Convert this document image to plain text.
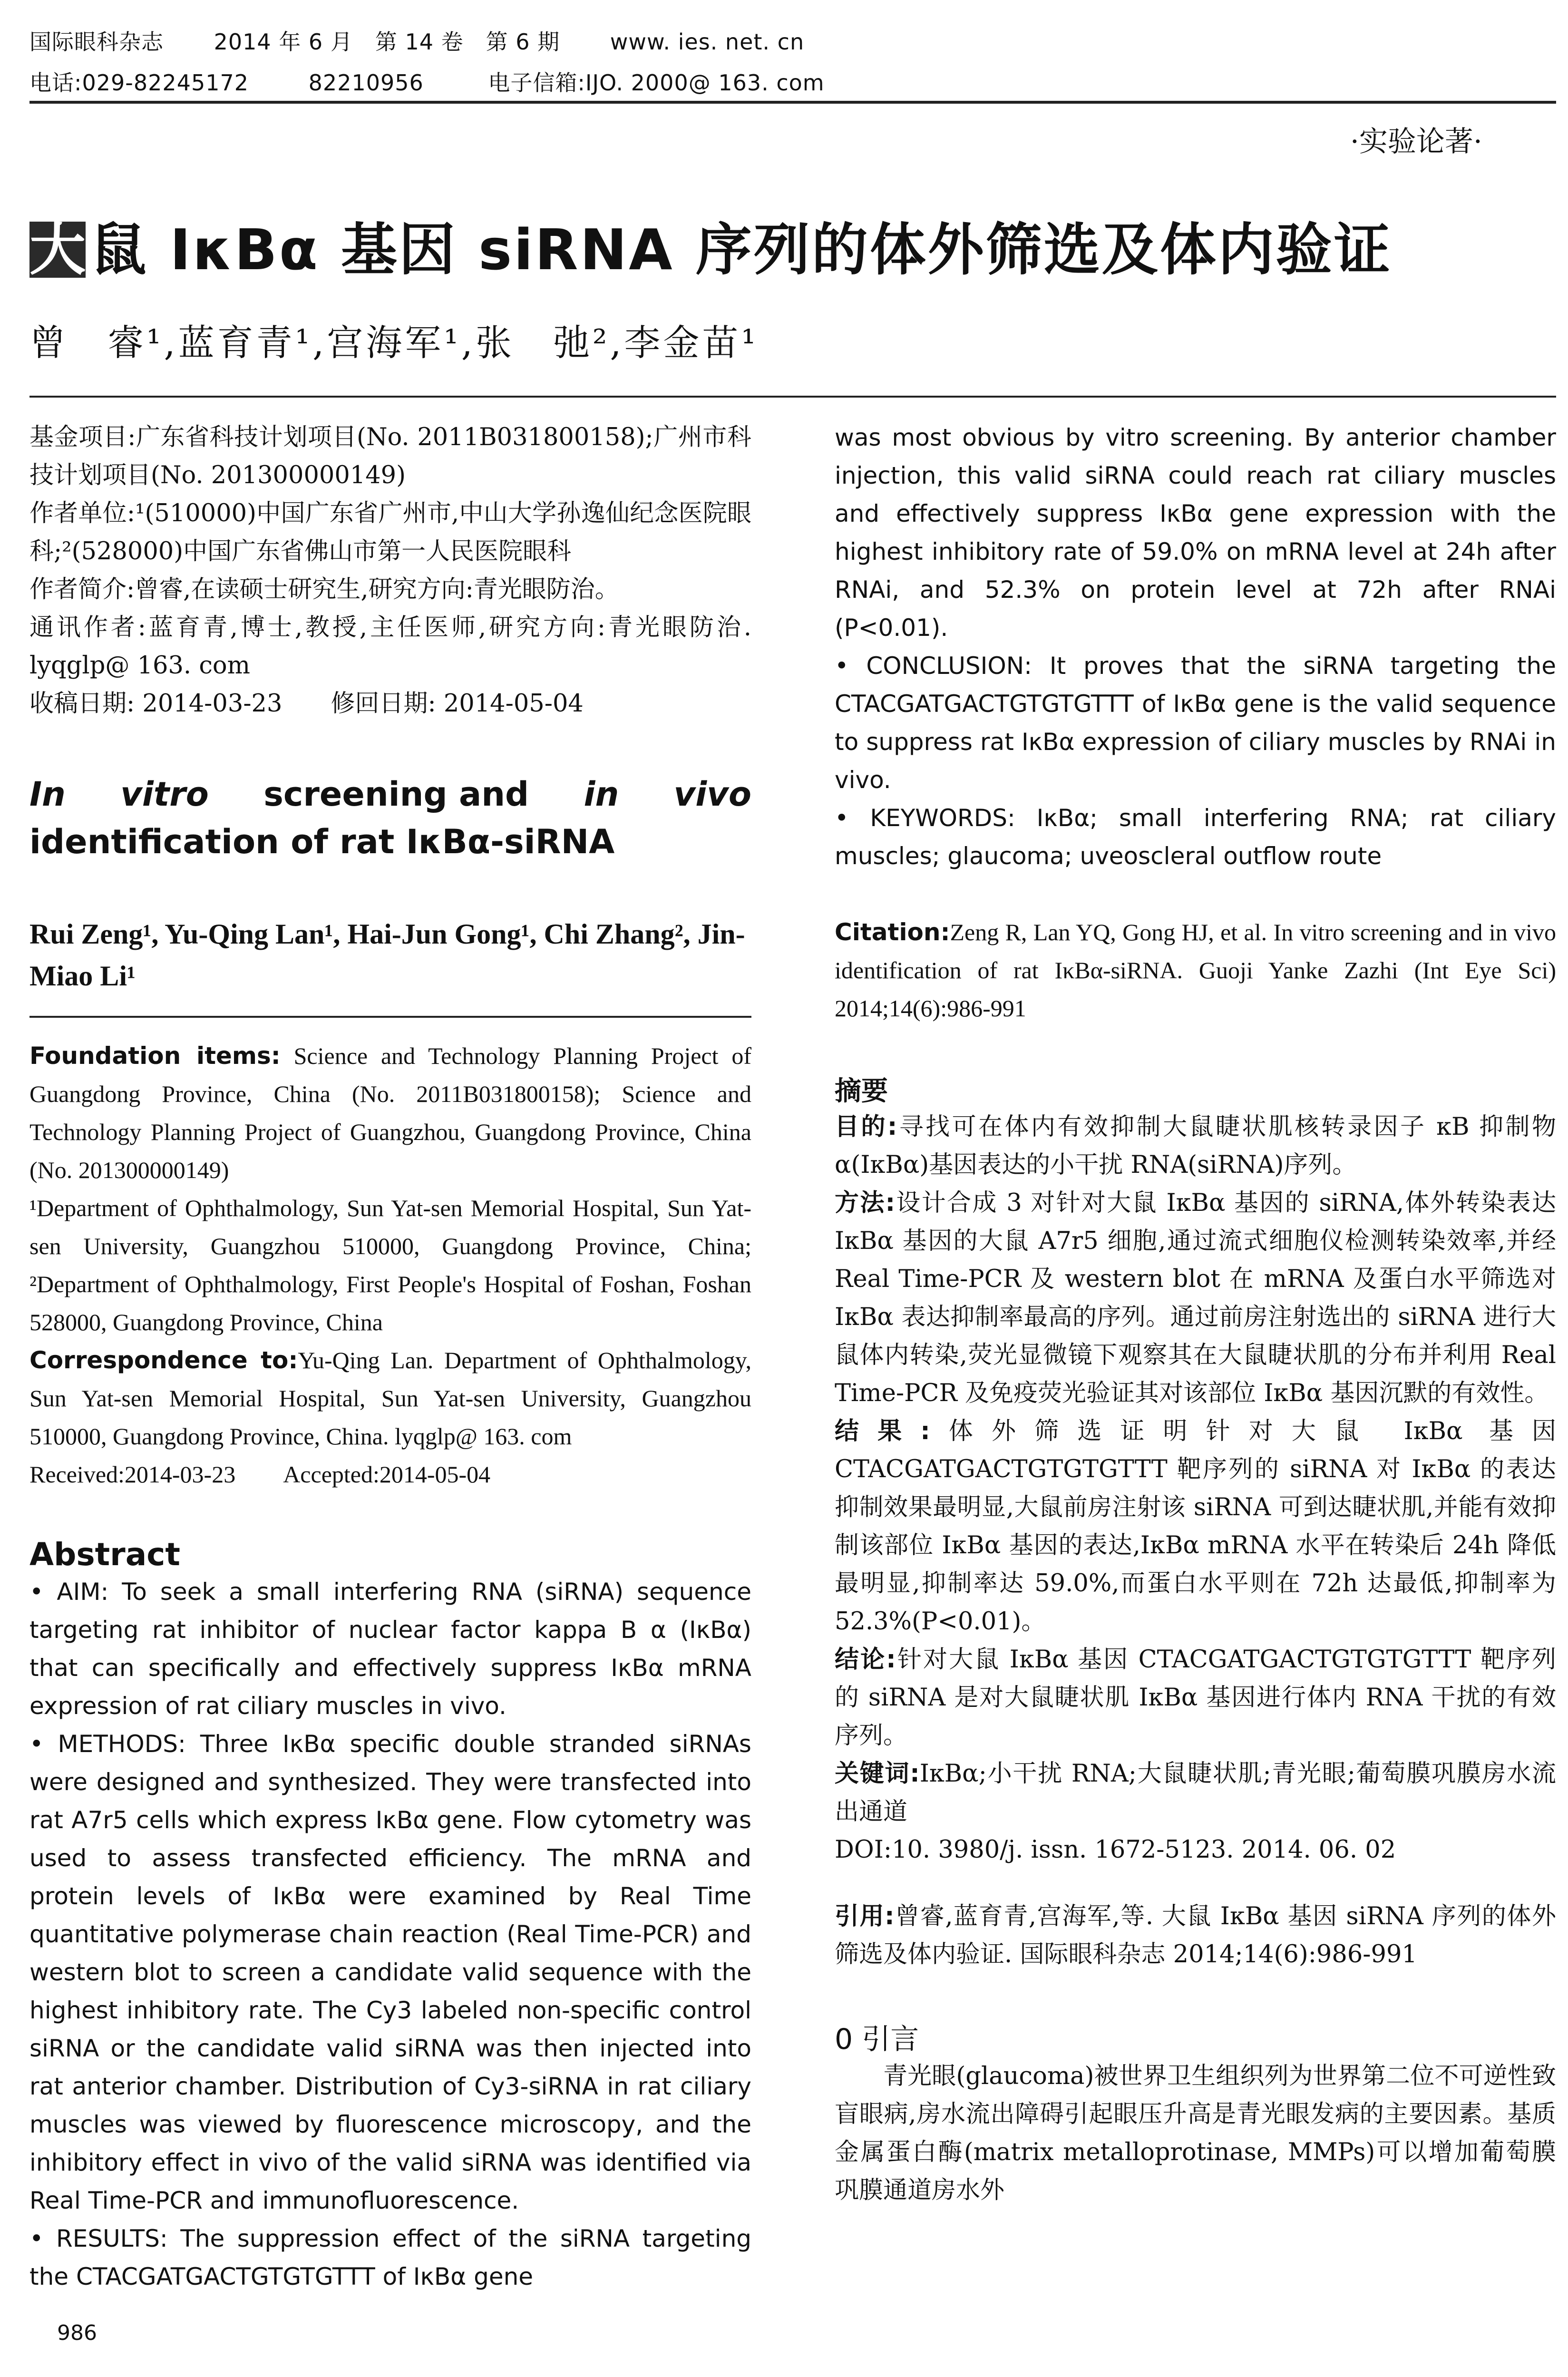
国际眼科杂志 2014 年 6 月　第 14 卷　第 6 期 www. ies. net. cn
电话:029-82245172	82210956	电子信箱:IJO. 2000@ 163. com
·实验论著·
大鼠 IκBα 基因 siRNA 序列的体外筛选及体内验证
曾　睿¹,蓝育青¹,宫海军¹,张　弛²,李金苗¹

基金项目:广东省科技计划项目(No. 2011B031800158);广州市科技计划项目(No. 201300000149)

作者单位:¹(510000)中国广东省广州市,中山大学孙逸仙纪念医院眼科;²(528000)中国广东省佛山市第一人民医院眼科

作者简介:曾睿,在读硕士研究生,研究方向:青光眼防治。

通讯作者:蓝育青,博士,教授,主任医师,研究方向:青光眼防治. lyqglp@ 163. com

收稿日期: 2014-03-23　　修回日期: 2014-05-04

In vitro screening and in vivo
identification of rat IκBα-siRNA
Rui Zeng¹, Yu-Qing Lan¹, Hai-Jun Gong¹, Chi Zhang², Jin-Miao Li¹

Foundation items: Science and Technology Planning Project of Guangdong Province, China (No. 2011B031800158); Science and Technology Planning Project of Guangzhou, Guangdong Province, China (No. 201300000149)

¹Department of Ophthalmology, Sun Yat-sen Memorial Hospital, Sun Yat-sen University, Guangzhou 510000, Guangdong Province, China; ²Department of Ophthalmology, First People's Hospital of Foshan, Foshan 528000, Guangdong Province, China

Correspondence to:Yu-Qing Lan. Department of Ophthalmology, Sun Yat-sen Memorial Hospital, Sun Yat-sen University, Guangzhou 510000, Guangdong Province, China. lyqglp@ 163. com

Received:2014-03-23　　Accepted:2014-05-04

Abstract

• AIM: To seek a small interfering RNA (siRNA) sequence targeting rat inhibitor of nuclear factor kappa B α (IκBα) that can specifically and effectively suppress IκBα mRNA expression of rat ciliary muscles in vivo.

• METHODS: Three IκBα specific double stranded siRNAs were designed and synthesized. They were transfected into rat A7r5 cells which express IκBα gene. Flow cytometry was used to assess transfected efficiency. The mRNA and protein levels of IκBα were examined by Real Time quantitative polymerase chain reaction (Real Time-PCR) and western blot to screen a candidate valid sequence with the highest inhibitory rate. The Cy3 labeled non-specific control siRNA or the candidate valid siRNA was then injected into rat anterior chamber. Distribution of Cy3-siRNA in rat ciliary muscles was viewed by fluorescence microscopy, and the inhibitory effect in vivo of the valid siRNA was identified via Real Time-PCR and immunofluorescence.

• RESULTS: The suppression effect of the siRNA targeting the CTACGATGACTGTGTGTTT of IκBα gene

986

was most obvious by vitro screening. By anterior chamber injection, this valid siRNA could reach rat ciliary muscles and effectively suppress IκBα gene expression with the highest inhibitory rate of 59.0% on mRNA level at 24h after RNAi, and 52.3% on protein level at 72h after RNAi (P<0.01).

• CONCLUSION: It proves that the siRNA targeting the CTACGATGACTGTGTGTTT of IκBα gene is the valid sequence to suppress rat IκBα expression of ciliary muscles by RNAi in vivo.

• KEYWORDS: IκBα; small interfering RNA; rat ciliary muscles; glaucoma; uveoscleral outflow route

Citation:Zeng R, Lan YQ, Gong HJ, et al. In vitro screening and in vivo identification of rat IκBα-siRNA. Guoji Yanke Zazhi (Int Eye Sci) 2014;14(6):986-991

摘要

目的:寻找可在体内有效抑制大鼠睫状肌核转录因子 κB 抑制物 α(IκBα)基因表达的小干扰 RNA(siRNA)序列。

方法:设计合成 3 对针对大鼠 IκBα 基因的 siRNA,体外转染表达 IκBα 基因的大鼠 A7r5 细胞,通过流式细胞仪检测转染效率,并经 Real Time-PCR 及 western blot 在 mRNA 及蛋白水平筛选对 IκBα 表达抑制率最高的序列。通过前房注射选出的 siRNA 进行大鼠体内转染,荧光显微镜下观察其在大鼠睫状肌的分布并利用 Real Time-PCR 及免疫荧光验证其对该部位 IκBα 基因沉默的有效性。

结果:体外筛选证明针对大鼠 IκBα 基因 CTACGATGACTGTGTGTTT 靶序列的 siRNA 对 IκBα 的表达抑制效果最明显,大鼠前房注射该 siRNA 可到达睫状肌,并能有效抑制该部位 IκBα 基因的表达,IκBα mRNA 水平在转染后 24h 降低最明显,抑制率达 59.0%,而蛋白水平则在 72h 达最低,抑制率为 52.3%(P<0.01)。

结论:针对大鼠 IκBα 基因 CTACGATGACTGTGTGTTT 靶序列的 siRNA 是对大鼠睫状肌 IκBα 基因进行体内 RNA 干扰的有效序列。

关键词:IκBα;小干扰 RNA;大鼠睫状肌;青光眼;葡萄膜巩膜房水流出通道

DOI:10. 3980/j. issn. 1672-5123. 2014. 06. 02

引用:曾睿,蓝育青,宫海军,等. 大鼠 IκBα 基因 siRNA 序列的体外筛选及体内验证. 国际眼科杂志 2014;14(6):986-991

0 引言

青光眼(glaucoma)被世界卫生组织列为世界第二位不可逆性致盲眼病,房水流出障碍引起眼压升高是青光眼发病的主要因素。基质金属蛋白酶(matrix metalloprotinase, MMPs)可以增加葡萄膜巩膜通道房水外
